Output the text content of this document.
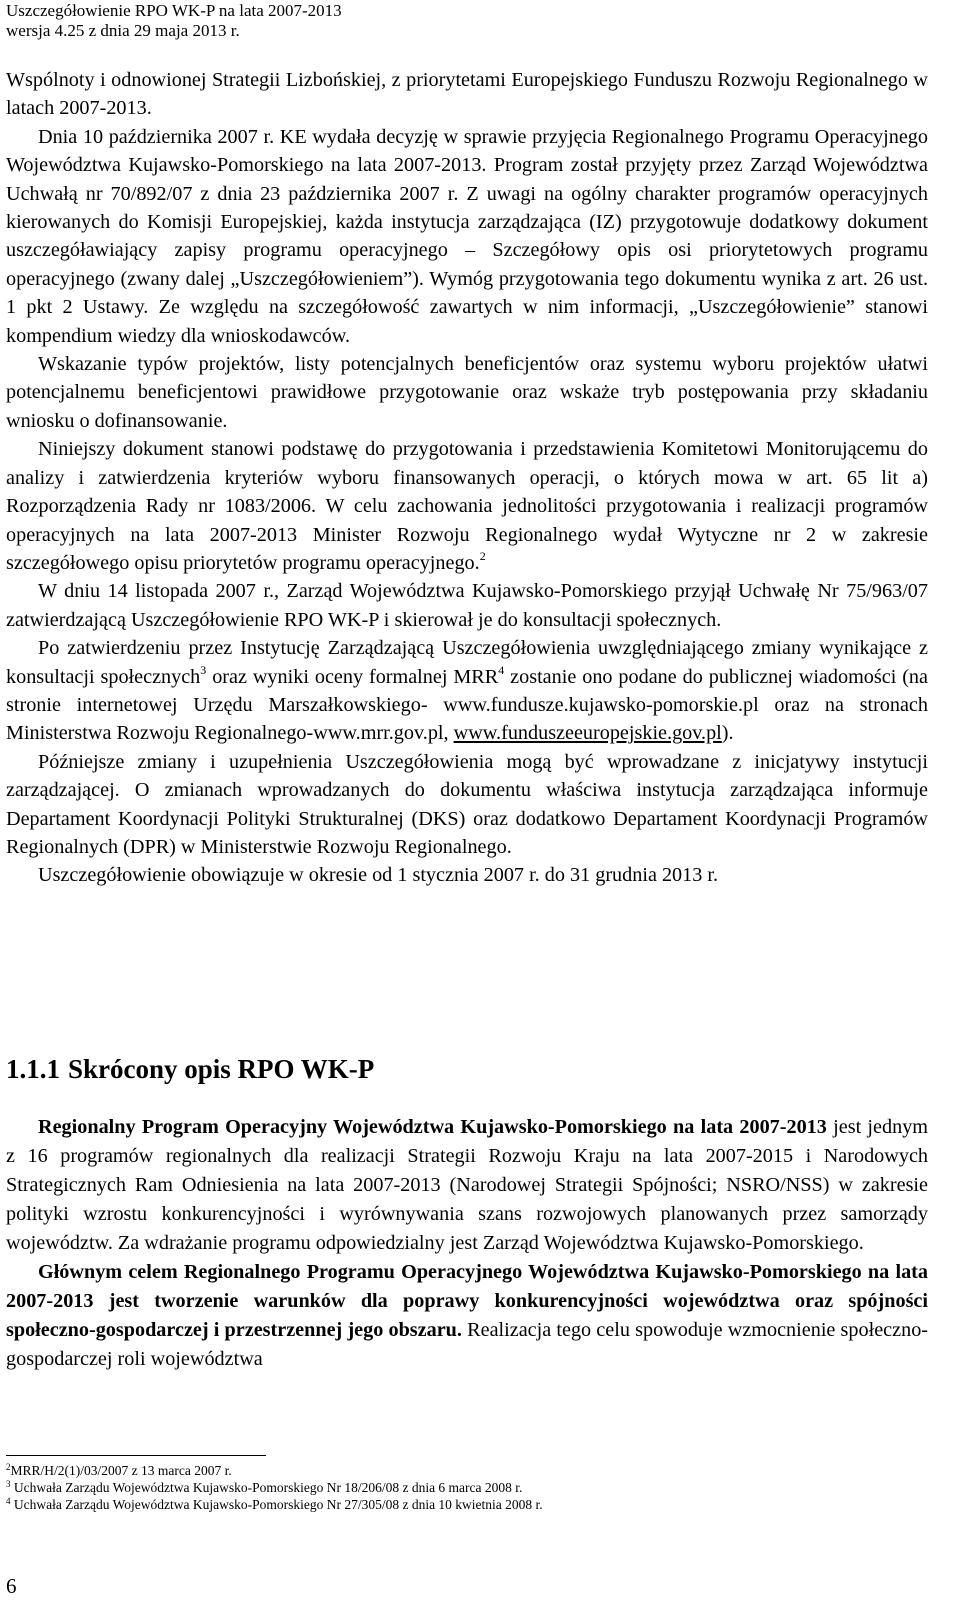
Uszczegółowienie RPO WK-P na lata 2007-2013
wersja 4.25 z dnia 29 maja 2013 r.

Wspólnoty i odnowionej Strategii Lizbońskiej, z priorytetami Europejskiego Funduszu Rozwoju Regionalnego w latach 2007-2013.

Dnia 10 października 2007 r. KE wydała decyzję w sprawie przyjęcia Regionalnego Programu Operacyjnego Województwa Kujawsko-Pomorskiego na lata 2007-2013. Program został przyjęty przez Zarząd Województwa Uchwałą nr 70/892/07 z dnia 23 października 2007 r. Z uwagi na ogólny charakter programów operacyjnych kierowanych do Komisji Europejskiej, każda instytucja zarządzająca (IZ) przygotowuje dodatkowy dokument uszczegóławiający zapisy programu operacyjnego – Szczegółowy opis osi priorytetowych programu operacyjnego (zwany dalej „Uszczegółowieniem”). Wymóg przygotowania tego dokumentu wynika z art. 26 ust. 1 pkt 2 Ustawy. Ze względu na szczegółowość zawartych w nim informacji, „Uszczegółowienie” stanowi kompendium wiedzy dla wnioskodawców.

Wskazanie typów projektów, listy potencjalnych beneficjentów oraz systemu wyboru projektów ułatwi potencjalnemu beneficjentowi prawidłowe przygotowanie oraz wskaże tryb postępowania przy składaniu wniosku o dofinansowanie.

Niniejszy dokument stanowi podstawę do przygotowania i przedstawienia Komitetowi Monitorującemu do analizy i zatwierdzenia kryteriów wyboru finansowanych operacji, o których mowa w art. 65 lit a) Rozporządzenia Rady nr 1083/2006. W celu zachowania jednolitości przygotowania i realizacji programów operacyjnych na lata 2007-2013 Minister Rozwoju Regionalnego wydał Wytyczne nr 2 w zakresie szczegółowego opisu priorytetów programu operacyjnego.$^2$

W dniu 14 listopada 2007 r., Zarząd Województwa Kujawsko-Pomorskiego przyjął Uchwałę Nr 75/963/07 zatwierdzającą Uszczegółowienie RPO WK-P i skierował je do konsultacji społecznych.

Po zatwierdzeniu przez Instytucję Zarządzającą Uszczegółowienia uwzględniającego zmiany wynikające z konsultacji społecznych$^3$ oraz wyniki oceny formalnej MRR$^4$ zostanie ono podane do publicznej wiadomości (na stronie internetowej Urzędu Marszałkowskiego- www.fundusze.kujawsko-pomorskie.pl oraz na stronach Ministerstwa Rozwoju Regionalnego-www.mrr.gov.pl, www.funduszeeuropejskie.gov.pl).

Późniejsze zmiany i uzupełnienia Uszczegółowienia mogą być wprowadzane z inicjatywy instytucji zarządzającej. O zmianach wprowadzanych do dokumentu właściwa instytucja zarządzająca informuje Departament Koordynacji Polityki Strukturalnej (DKS) oraz dodatkowo Departament Koordynacji Programów Regionalnych (DPR) w Ministerstwie Rozwoju Regionalnego.

Uszczegółowienie obowiązuje w okresie od 1 stycznia 2007 r. do 31 grudnia 2013 r.

1.1.1 Skrócony opis RPO WK-P

Regionalny Program Operacyjny Województwa Kujawsko-Pomorskiego na lata 2007-2013 jest jednym z 16 programów regionalnych dla realizacji Strategii Rozwoju Kraju na lata 2007-2015 i Narodowych Strategicznych Ram Odniesienia na lata 2007-2013 (Narodowej Strategii Spójności; NSRO/NSS) w zakresie polityki wzrostu konkurencyjności i wyrównywania szans rozwojowych planowanych przez samorządy województw. Za wdrażanie programu odpowiedzialny jest Zarząd Województwa Kujawsko-Pomorskiego.

Głównym celem Regionalnego Programu Operacyjnego Województwa Kujawsko-Pomorskiego na lata 2007-2013 jest tworzenie warunków dla poprawy konkurencyjności województwa oraz spójności społeczno-gospodarczej i przestrzennej jego obszaru. Realizacja tego celu spowoduje wzmocnienie społeczno-gospodarczej roli województwa

$^2$MRR/H/2(1)/03/2007 z 13 marca 2007 r.
$^3$ Uchwała Zarządu Województwa Kujawsko-Pomorskiego Nr 18/206/08 z dnia 6 marca 2008 r.
$^4$ Uchwała Zarządu Województwa Kujawsko-Pomorskiego Nr 27/305/08 z dnia 10 kwietnia 2008 r.
6
